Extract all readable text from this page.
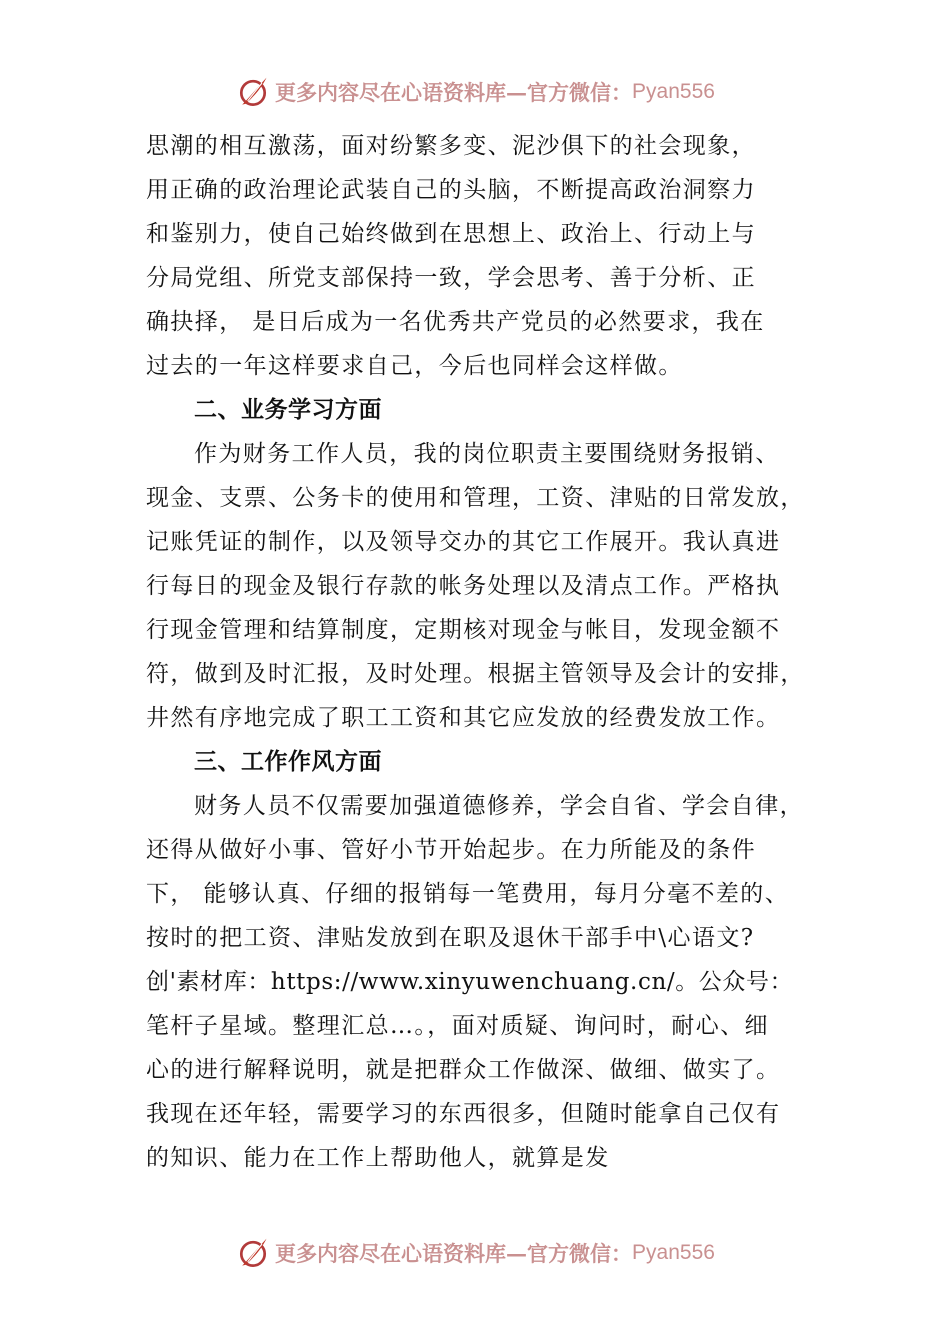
更多内容尽在心语资料库—官方微信： Pyan556
思潮的相互激荡，面对纷繁多变、泥沙俱下的社会现象，
用正确的政治理论武装自己的头脑，不断提高政治洞察力
和鉴别力，使自己始终做到在思想上、政治上、行动上与
分局党组、所党支部保持一致，学会思考、善于分析、正
确抉择， 是日后成为一名优秀共产党员的必然要求，我在
过去的一年这样要求自己，今后也同样会这样做。
二、业务学习方面
作为财务工作人员，我的岗位职责主要围绕财务报销、
现金、支票、公务卡的使用和管理，工资、津贴的日常发放，
记账凭证的制作，以及领导交办的其它工作展开。我认真进
行每日的现金及银行存款的帐务处理以及清点工作。严格执
行现金管理和结算制度，定期核对现金与帐目，发现金额不
符，做到及时汇报，及时处理。根据主管领导及会计的安排，
井然有序地完成了职工工资和其它应发放的经费发放工作。
三、工作作风方面
财务人员不仅需要加强道德修养，学会自省、学会自律，
还得从做好小事、管好小节开始起步。在力所能及的条件
下， 能够认真、仔细的报销每一笔费用，每月分毫不差的、
按时的把工资、津贴发放到在职及退休干部手中\心语文?
创'素材库：https://www.xinyuwenchuang.cn/。公众号：
笔杆子星域。整理汇总…。，面对质疑、询问时，耐心、细
心的进行解释说明，就是把群众工作做深、做细、做实了。
我现在还年轻，需要学习的东西很多，但随时能拿自己仅有
的知识、能力在工作上帮助他人，就算是发
更多内容尽在心语资料库—官方微信： Pyan556
